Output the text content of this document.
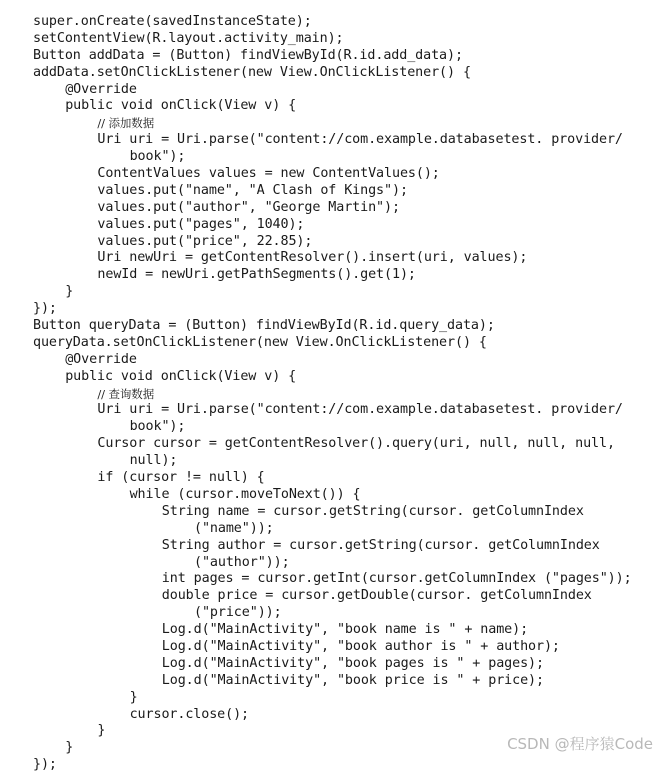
super.onCreate(savedInstanceState);
setContentView(R.layout.activity_main);
Button addData = (Button) findViewById(R.id.add_data);
addData.setOnClickListener(new View.OnClickListener() {
@Override
public void onClick(View v) {
// 添加数据
Uri uri = Uri.parse("content://com.example.databasetest. provider/
book");
ContentValues values = new ContentValues();
values.put("name", "A Clash of Kings");
values.put("author", "George Martin");
values.put("pages", 1040);
values.put("price", 22.85);
Uri newUri = getContentResolver().insert(uri, values);
newId = newUri.getPathSegments().get(1);
}
});
Button queryData = (Button) findViewById(R.id.query_data);
queryData.setOnClickListener(new View.OnClickListener() {
@Override
public void onClick(View v) {
// 查询数据
Uri uri = Uri.parse("content://com.example.databasetest. provider/
book");
Cursor cursor = getContentResolver().query(uri, null, null, null,
null);
if (cursor != null) {
while (cursor.moveToNext()) {
String name = cursor.getString(cursor. getColumnIndex
("name"));
String author = cursor.getString(cursor. getColumnIndex
("author"));
int pages = cursor.getInt(cursor.getColumnIndex ("pages"));
double price = cursor.getDouble(cursor. getColumnIndex
("price"));
Log.d("MainActivity", "book name is " + name);
Log.d("MainActivity", "book author is " + author);
Log.d("MainActivity", "book pages is " + pages);
Log.d("MainActivity", "book price is " + price);
}
cursor.close();
}
}
});
CSDN @程序猿Code
